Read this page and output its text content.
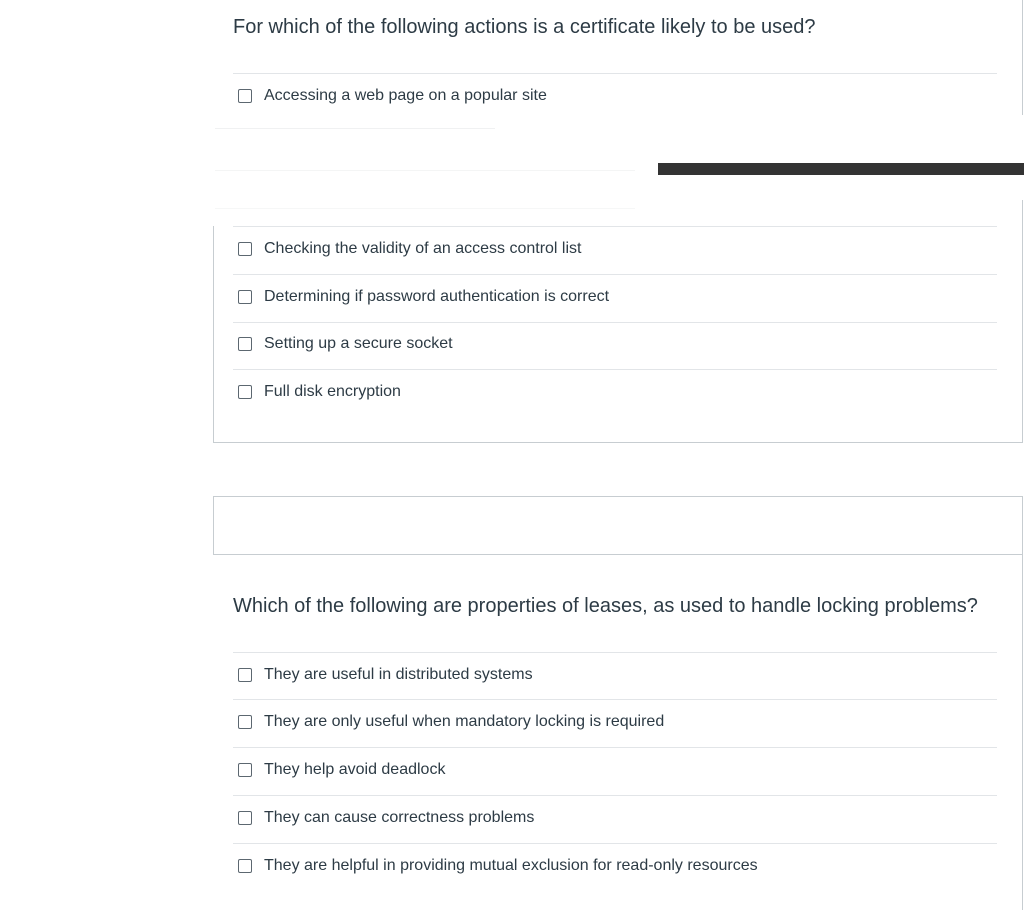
For which of the following actions is a certificate likely to be used?
Accessing a web page on a popular site
Checking the validity of an access control list
Determining if password authentication is correct
Setting up a secure socket
Full disk encryption
Which of the following are properties of leases, as used to handle locking problems?
They are useful in distributed systems
They are only useful when mandatory locking is required
They help avoid deadlock
They can cause correctness problems
They are helpful in providing mutual exclusion for read-only resources
